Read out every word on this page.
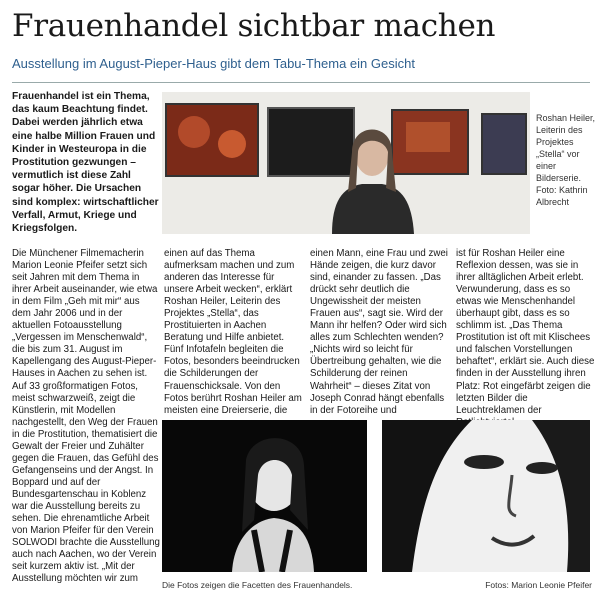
Frauenhandel sichtbar machen
Ausstellung im August-Pieper-Haus gibt dem Tabu-Thema ein Gesicht
Frauenhandel ist ein Thema, das kaum Beachtung findet. Dabei werden jährlich etwa eine halbe Million Frauen und Kinder in Westeuropa in die Prostitution gezwungen – vermutlich ist diese Zahl sogar höher. Die Ursachen sind komplex: wirtschaftlicher Verfall, Armut, Kriege und Kriegsfolgen.
Roshan Heiler, Leiterin des Projektes „Stella“ vor einer Bilderserie. Foto: Kathrin Albrecht

Die Münchener Filmemacherin Marion Leonie Pfeifer setzt sich seit Jahren mit dem Thema in ihrer Arbeit auseinander, wie etwa in dem Film „Geh mit mir“ aus dem Jahr 2006 und in der aktuellen Fotoausstellung „Vergessen im Menschenwald“, die bis zum 31. August im Kapellengang des August-Pieper-Hauses in Aachen zu sehen ist. Auf 33 großformatigen Fotos, meist schwarzweiß, zeigt die Künstlerin, mit Modellen nachgestellt, den Weg der Frauen in die Prostitution, thematisiert die Gewalt der Freier und Zuhälter gegen die Frauen, das Gefühl des Gefangenseins und der Angst. In Boppard und auf der Bundesgartenschau in Koblenz war die Ausstellung bereits zu sehen. Die ehrenamtliche Arbeit von Marion Pfeifer für den Verein SOLWODI brachte die Ausstellung auch nach Aachen, wo der Verein seit kurzem aktiv ist. „Mit der Ausstellung möchten wir zum

einen auf das Thema aufmerksam machen und zum anderen das Interesse für unsere Arbeit wecken“, erklärt Roshan Heiler, Leiterin des Projektes „Stella“, das Prostituierten in Aachen Beratung und Hilfe anbietet. Fünf Infotafeln begleiten die Fotos, besonders beeindrucken die Schilderungen der Frauenschicksale. Von den Fotos berührt Roshan Heiler am meisten eine Dreierserie, die

einen Mann, eine Frau und zwei Hände zeigen, die kurz davor sind, einander zu fassen. „Das drückt sehr deutlich die Ungewissheit der meisten Frauen aus“, sagt sie. Wird der Mann ihr helfen? Oder wird sich alles zum Schlechten wenden? „Nichts wird so leicht für Übertreibung gehalten, wie die Schilderung der reinen Wahrheit“ – dieses Zitat von Joseph Conrad hängt ebenfalls in der Fotoreihe und

ist für Roshan Heiler eine Reflexion dessen, was sie in ihrer alltäglichen Arbeit erlebt. Verwunderung, dass es so etwas wie Menschenhandel überhaupt gibt, dass es so schlimm ist. „Das Thema Prostitution ist oft mit Klischees und falschen Vorstellungen behaftet“, erklärt sie. Auch diese finden in der Ausstellung ihren Platz: Rot eingefärbt zeigen die letzten Bilder die Leuchtreklamen der

Die Fotos zeigen die Facetten des Frauenhandels.	Fotos: Marion Leonie Pfeifer
